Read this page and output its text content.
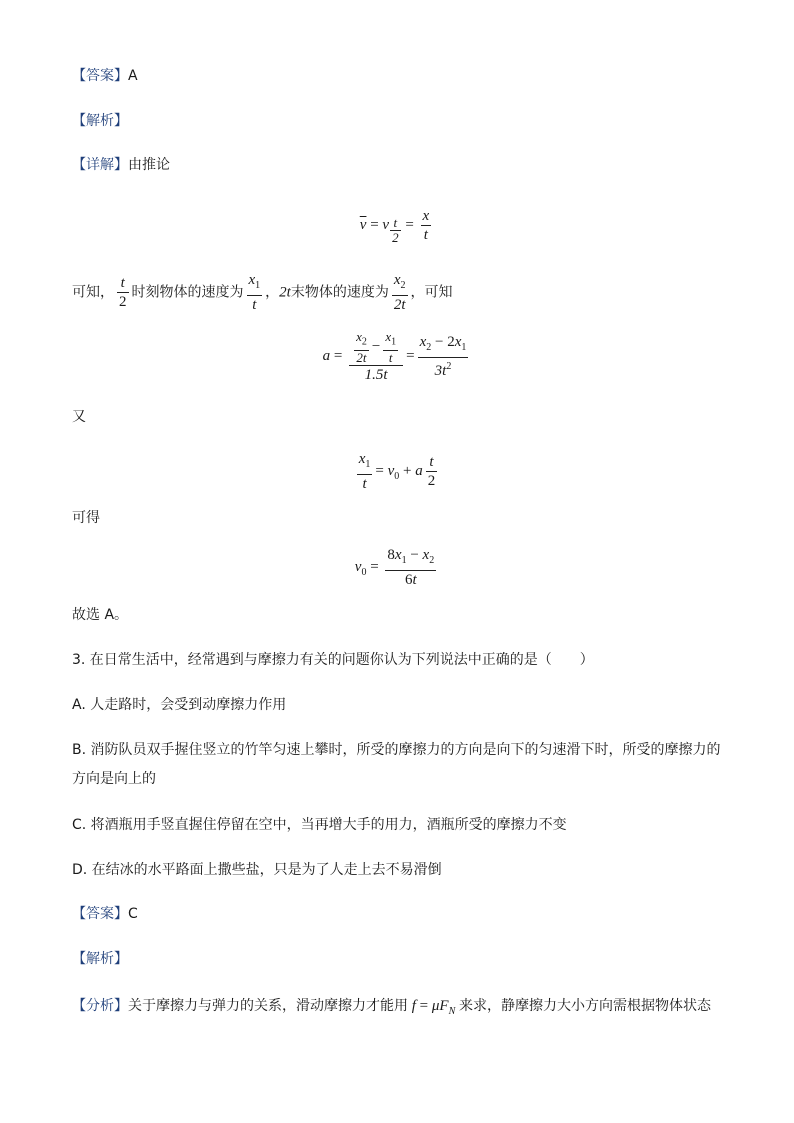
【答案】A
【解析】
【详解】由推论
$\overline{v} = v$ $_{\frac{t}{2}} = \frac{x}{t}$
可知， $\frac{t}{2}$ 时刻物体的速度为 $\frac{x_1}{t}$ ，2t末物体的速度为 $\frac{x_2}{2t}$ ，可知
$a = \frac{\frac{x_2}{2t} - \frac{x_1}{t}}{1.5t} = \frac{x_2 - 2x_1}{3t^2}$
又
$\frac{x_1}{t} = v_0 + a \frac{t}{2}$
可得
$v_0 = \frac{8x_1 - x_2}{6t}$
故选 A。
3. 在日常生活中，经常遇到与摩擦力有关的问题你认为下列说法中正确的是（　　）
A. 人走路时，会受到动摩擦力作用
B. 消防队员双手握住竖立的竹竿匀速上攀时，所受的摩擦力的方向是向下的匀速滑下时，所受的摩擦力的
方向是向上的
C. 将酒瓶用手竖直握住停留在空中，当再增大手的用力，酒瓶所受的摩擦力不变
D. 在结冰的水平路面上撒些盐，只是为了人走上去不易滑倒
【答案】C
【解析】
【分析】关于摩擦力与弹力的关系，滑动摩擦力才能用 $f = \mu F_N$ 来求，静摩擦力大小方向需根据物体状态
